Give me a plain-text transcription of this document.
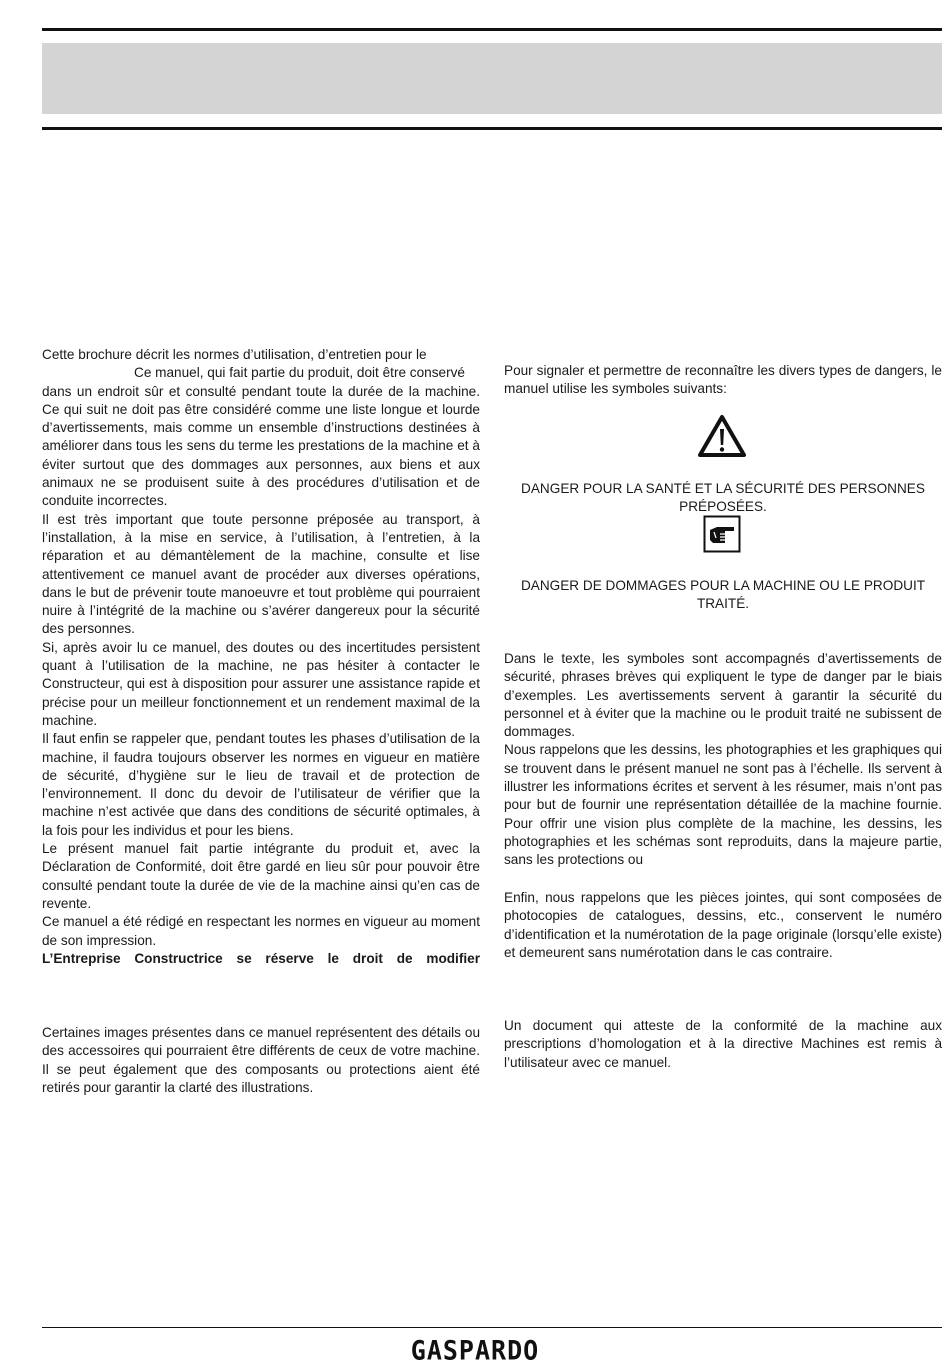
Cette brochure décrit les normes d’utilisation, d’entretien pour le

Ce manuel, qui fait partie du produit, doit être conservé

dans un endroit sûr et consulté pendant toute la durée de la machine. Ce qui suit ne doit pas être considéré comme une liste longue et lourde d’avertissements, mais comme un ensemble d’instructions destinées à améliorer dans tous les sens du terme les prestations de la machine et à éviter surtout que des dommages aux personnes, aux biens et aux animaux ne se produisent suite à des procédures d’utilisation et de conduite incorrectes.

Il est très important que toute personne préposée au transport, à l’installation, à la mise en service, à l’utilisation, à l’entretien, à la réparation et au démantèlement de la machine, consulte et lise attentivement ce manuel avant de procéder aux diverses opérations, dans le but de prévenir toute manoeuvre et tout problème qui pourraient nuire à l’intégrité de la machine ou s’avérer dangereux pour la sécurité des personnes.

Si, après avoir lu ce manuel, des doutes ou des incertitudes persistent quant à l’utilisation de la machine, ne pas hésiter à contacter le Constructeur, qui est à disposition pour assurer une assistance rapide et précise pour un meilleur fonctionnement et un rendement maximal de la machine.

Il faut enfin se rappeler que, pendant toutes les phases d’utilisation de la machine, il faudra toujours observer les normes en vigueur en matière de sécurité, d’hygiène sur le lieu de travail et de protection de l’environnement. Il donc du devoir de l’utilisateur de vérifier que la machine n’est activée que dans des conditions de sécurité optimales, à la fois pour les individus et pour les biens.

Le présent manuel fait partie intégrante du produit et, avec la Déclaration de Conformité, doit être gardé en lieu sûr pour pouvoir être consulté pendant toute la durée de vie de la machine ainsi qu’en cas de revente.

Ce manuel a été rédigé en respectant les normes en vigueur au moment de son impression.

L’Entreprise Constructrice se réserve le droit de modifier

Certaines images présentes dans ce manuel représentent des détails ou des accessoires qui pourraient être différents de ceux de votre machine. Il se peut également que des composants ou protections aient été retirés pour garantir la clarté des illustrations.

Pour signaler et permettre de reconnaître les divers types de dangers, le manuel utilise les symboles suivants:

DANGER POUR LA SANTÉ ET LA SÉCURITÉ DES PERSONNES PRÉPOSÉES.

DANGER DE DOMMAGES POUR LA MACHINE OU LE PRODUIT TRAITÉ.

Dans le texte, les symboles sont accompagnés d’avertissements de sécurité, phrases brèves qui expliquent le type de danger par le biais d’exemples. Les avertissements servent à garantir la sécurité du personnel et à éviter que la machine ou le produit traité ne subissent de dommages.

Nous rappelons que les dessins, les photographies et les graphiques qui se trouvent dans le présent manuel ne sont pas à l’échelle. Ils servent à illustrer les informations écrites et servent à les résumer, mais n’ont pas pour but de fournir une représentation détaillée de la machine fournie. Pour offrir une vision plus complète de la machine, les dessins, les photographies et les schémas sont reproduits, dans la majeure partie, sans les protections ou

Enfin, nous rappelons que les pièces jointes, qui sont composées de photocopies de catalogues, dessins, etc., conservent le numéro d’identification et la numérotation de la page originale (lorsqu’elle existe) et demeurent sans numérotation dans le cas contraire.

Un document qui atteste de la conformité de la machine aux prescriptions d’homologation et à la directive Machines est remis à l’utilisateur avec ce manuel.

GASPARDO
